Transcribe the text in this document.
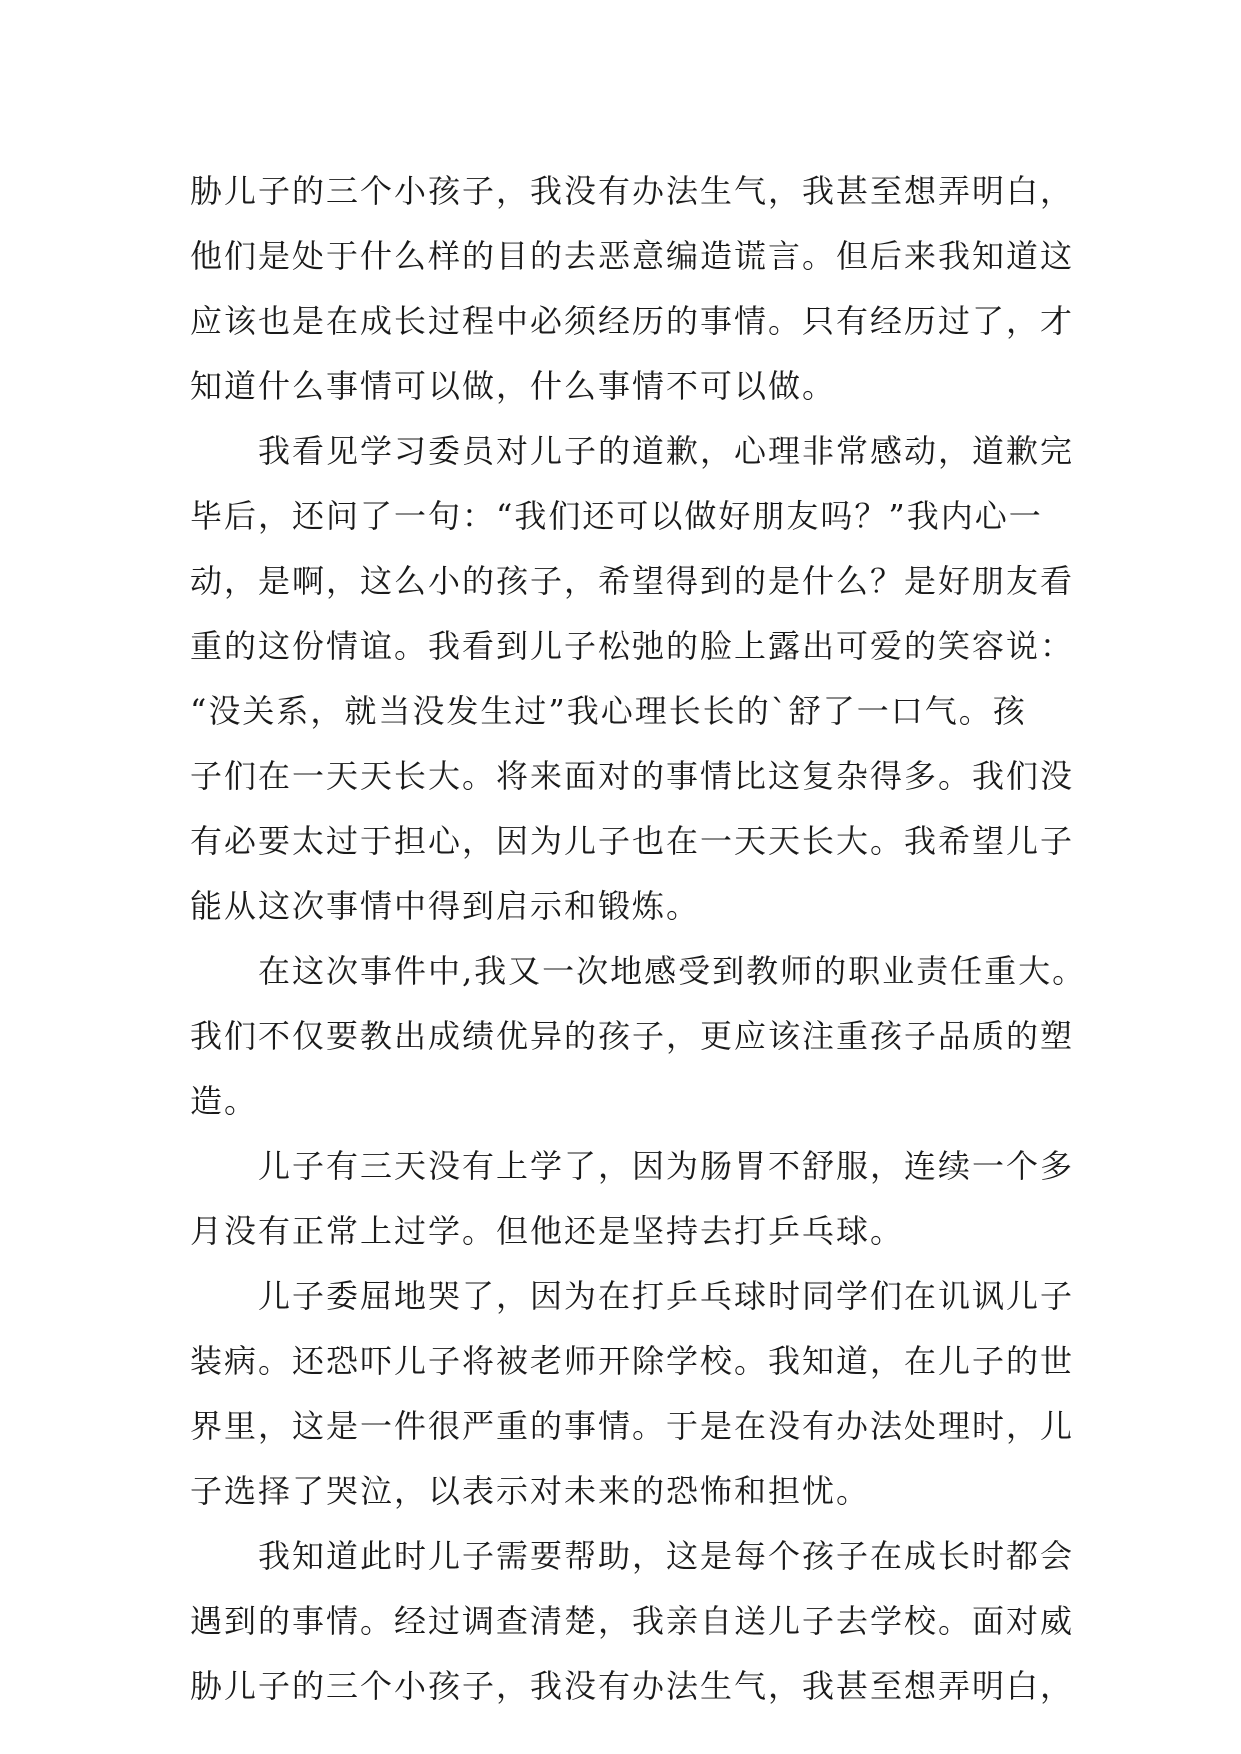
胁儿子的三个小孩子，我没有办法生气，我甚至想弄明白，
他们是处于什么样的目的去恶意编造谎言。但后来我知道这
应该也是在成长过程中必须经历的事情。只有经历过了，才
知道什么事情可以做，什么事情不可以做。
我看见学习委员对儿子的道歉，心理非常感动，道歉完
毕后，还问了一句：“我们还可以做好朋友吗？”我内心一
动，是啊，这么小的孩子，希望得到的是什么？是好朋友看
重的这份情谊。我看到儿子松弛的脸上露出可爱的笑容说：
“没关系，就当没发生过”我心理长长的`舒了一口气。孩
子们在一天天长大。将来面对的事情比这复杂得多。我们没
有必要太过于担心，因为儿子也在一天天长大。我希望儿子
能从这次事情中得到启示和锻炼。
在这次事件中,我又一次地感受到教师的职业责任重大。
我们不仅要教出成绩优异的孩子，更应该注重孩子品质的塑
造。
儿子有三天没有上学了，因为肠胃不舒服，连续一个多
月没有正常上过学。但他还是坚持去打乒乓球。
儿子委屈地哭了，因为在打乒乓球时同学们在讥讽儿子
装病。还恐吓儿子将被老师开除学校。我知道，在儿子的世
界里，这是一件很严重的事情。于是在没有办法处理时，儿
子选择了哭泣，以表示对未来的恐怖和担忧。
我知道此时儿子需要帮助，这是每个孩子在成长时都会
遇到的事情。经过调查清楚，我亲自送儿子去学校。面对威
胁儿子的三个小孩子，我没有办法生气，我甚至想弄明白，
